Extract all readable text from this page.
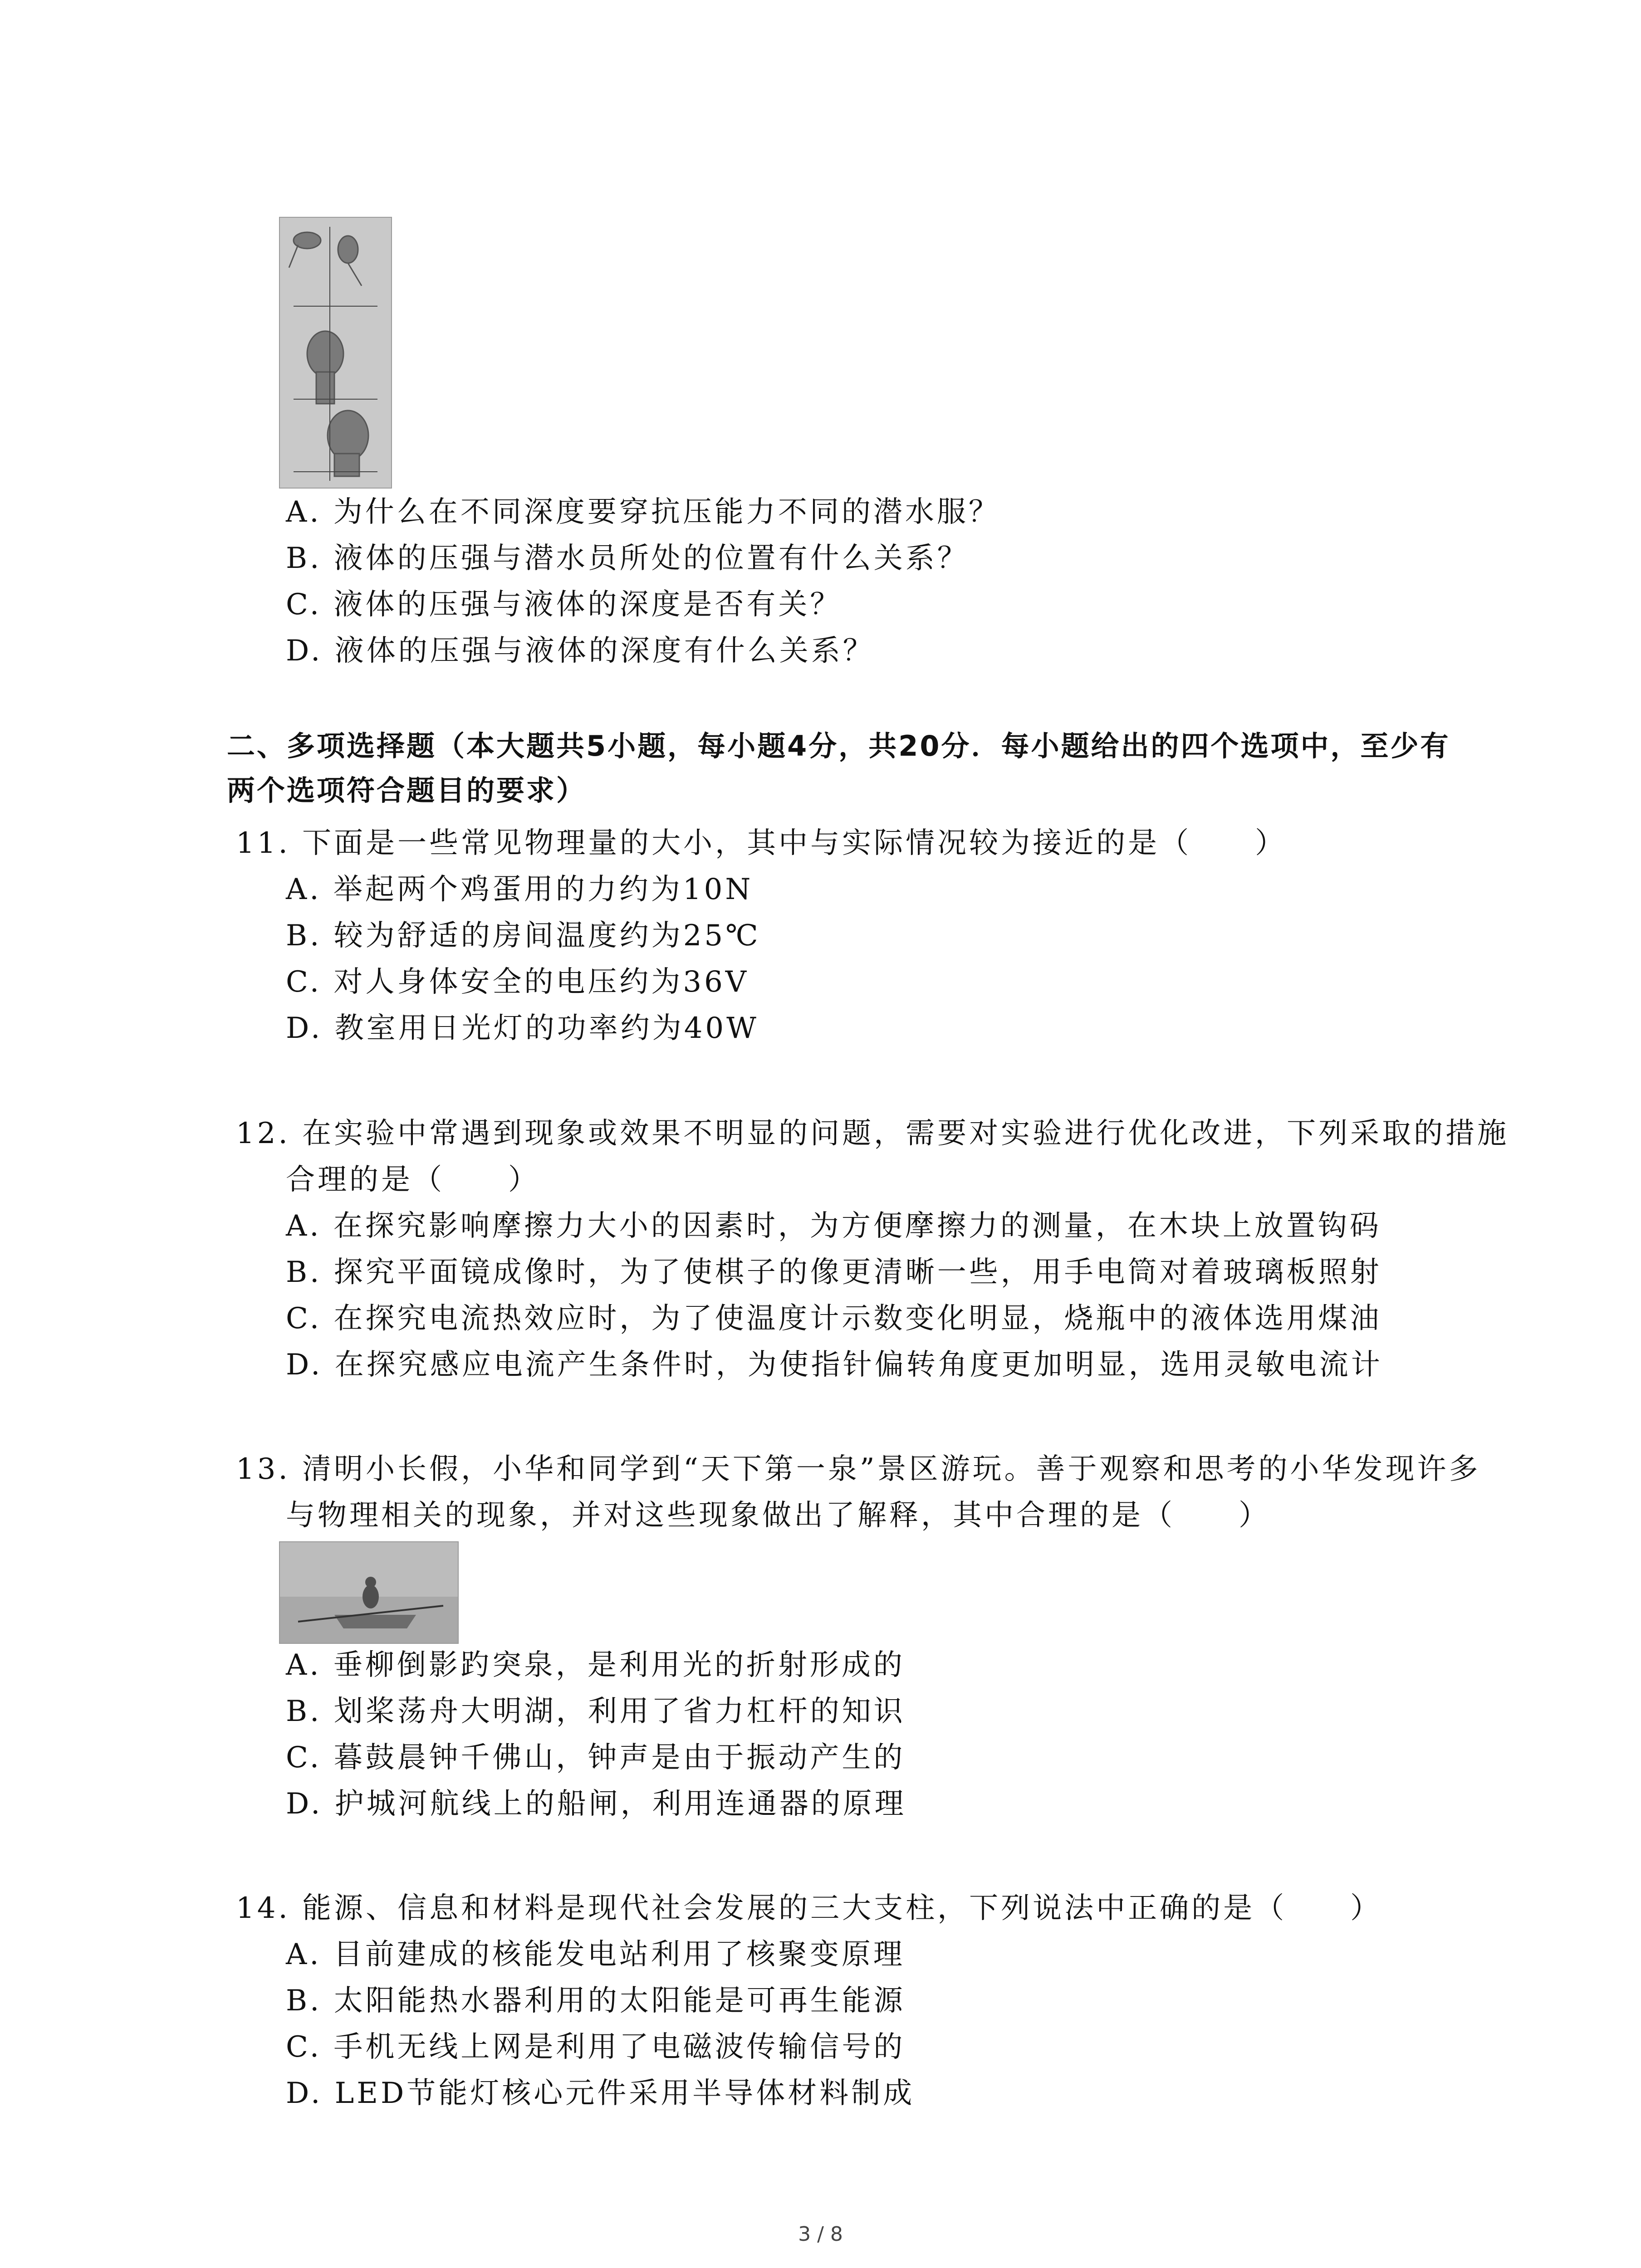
A. 为什么在不同深度要穿抗压能力不同的潜水服？
B. 液体的压强与潜水员所处的位置有什么关系？
C. 液体的压强与液体的深度是否有关？
D. 液体的压强与液体的深度有什么关系？
二、多项选择题（本大题共5小题，每小题4分，共20分．每小题给出的四个选项中，至少有
两个选项符合题目的要求）
11. 下面是一些常见物理量的大小，其中与实际情况较为接近的是（　　）
A. 举起两个鸡蛋用的力约为10N
B. 较为舒适的房间温度约为25℃
C. 对人身体安全的电压约为36V
D. 教室用日光灯的功率约为40W
12. 在实验中常遇到现象或效果不明显的问题，需要对实验进行优化改进，下列采取的措施
合理的是（　　）
A. 在探究影响摩擦力大小的因素时，为方便摩擦力的测量，在木块上放置钩码
B. 探究平面镜成像时，为了使棋子的像更清晰一些，用手电筒对着玻璃板照射
C. 在探究电流热效应时，为了使温度计示数变化明显，烧瓶中的液体选用煤油
D. 在探究感应电流产生条件时，为使指针偏转角度更加明显，选用灵敏电流计
13. 清明小长假，小华和同学到“天下第一泉”景区游玩。善于观察和思考的小华发现许多
与物理相关的现象，并对这些现象做出了解释，其中合理的是（　　）
A. 垂柳倒影趵突泉，是利用光的折射形成的
B. 划桨荡舟大明湖，利用了省力杠杆的知识
C. 暮鼓晨钟千佛山，钟声是由于振动产生的
D. 护城河航线上的船闸，利用连通器的原理
14. 能源、信息和材料是现代社会发展的三大支柱，下列说法中正确的是（　　）
A. 目前建成的核能发电站利用了核聚变原理
B. 太阳能热水器利用的太阳能是可再生能源
C. 手机无线上网是利用了电磁波传输信号的
D. LED节能灯核心元件采用半导体材料制成
3 / 8
